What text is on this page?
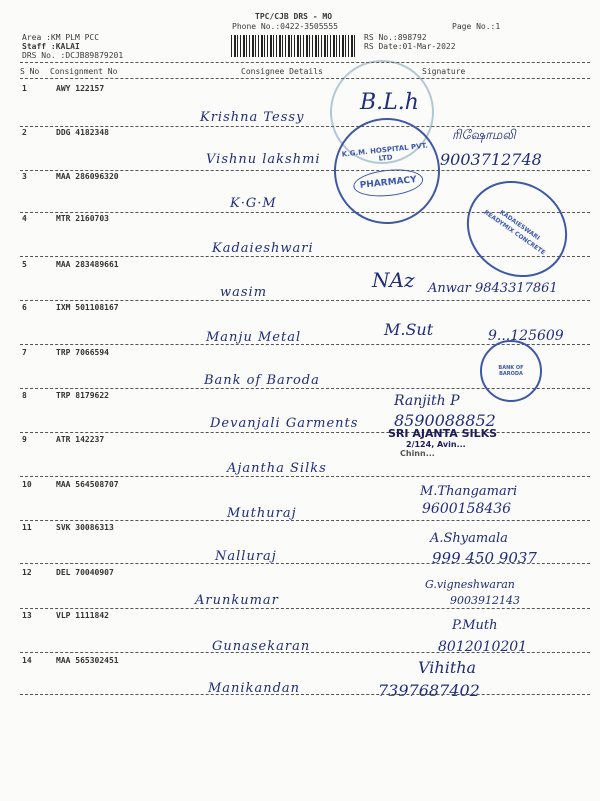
TPC/CJB DRS - MO
Phone No.:0422-3505555	Page No.:1
Area :KM PLM PCC
Staff :KALAI
DRS No. :DCJB89879201
RS No.:898792
RS Date:01-Mar-2022
S No Consignment No	Consignee Details	Signature
1	AWY 122157
Krishna Tessy
B.L.h
2	DDG 4182348
Vishnu lakshmi
ரிஷோமலி
9003712748
3	MAA 286096320
K·G·M
4	MTR 2160703
Kadaieshwari
5	MAA 283489661
wasim
NAz Anwar 9843317861
6	IXM 501108167
Manju Metal	M.Sut	9...125609
7	TRP 7066594
Bank of Baroda
8	TRP 8179622
Devanjali Garments
Ranjith P
8590088852
9	ATR 142237
Ajantha Silks
10	MAA 564508707
Muthuraj
M.Thangamari
9600158436
11	SVK 30086313
Nalluraj
A.Shyamala
999 450 9037
12	DEL 70040907
Arunkumar
G.vigneshwaran
9003912143
13	VLP 1111842
Gunasekaran
P.Muth
8012010201
14	MAA 565302451
Manikandan
Vihitha
7397687402
K.G.M. HOSPITAL PVT. LTD
PHARMACY
KADAIESWARI READYMIX CONCRETE
BANK OF BARODA
SRI AJANTA SILKS
2/124, Avin...
Chinn...
